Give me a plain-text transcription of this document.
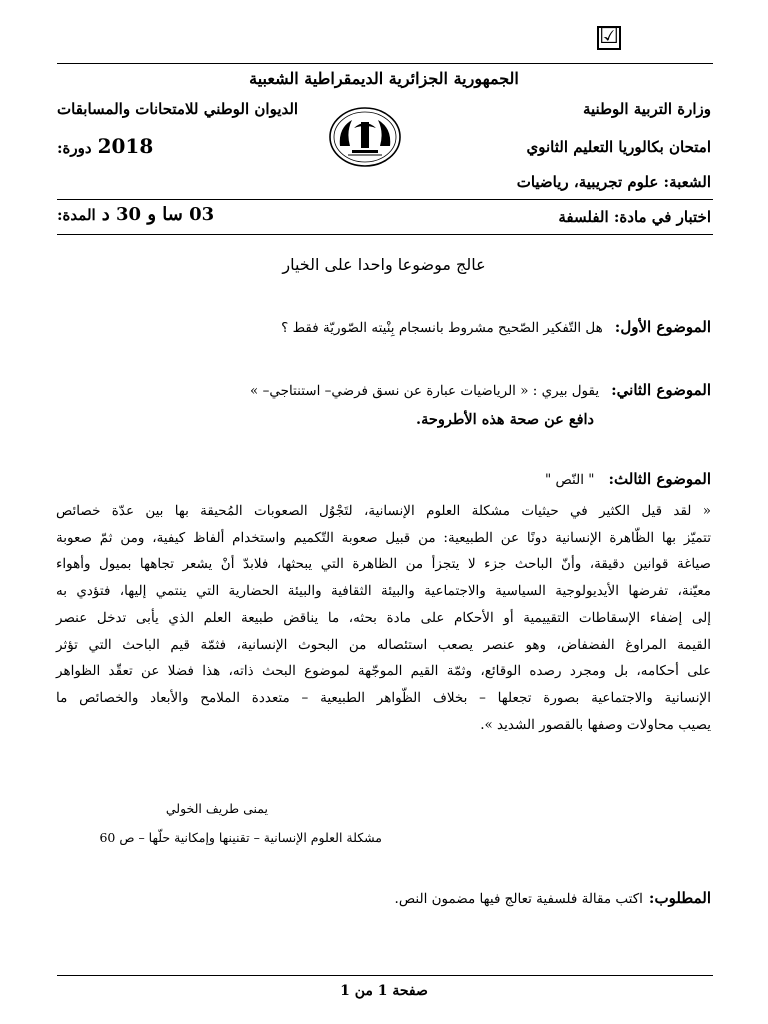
☑
الجمهورية الجزائرية الديمقراطية الشعبية
وزارة التربية الوطنية
الديوان الوطني للامتحانات والمسابقات
امتحان بكالوريا التعليم الثانوي
دورة: 2018
الشعبة: علوم تجريبية، رياضيات
اختبار في مادة: الفلسفة
المدة: 03 سا و 30 د
عالج موضوعا واحدا على الخيار
الموضوع الأول:
هل التّفكير الصّحيح مشروط بانسجام بِنْيته الصّوريّة فقط ؟
الموضوع الثاني:
يقول بيري : « الرياضيات عبارة عن نسق فرضي– استنتاجي– »
دافع عن صحة هذه الأطروحة.
الموضوع الثالث:
" النّص "
« لقد قيل الكثير في حيثيات مشكلة العلوم الإنسانية، لتَجْوُل الصعوبات المُحيقة بها بين عدّة خصائص
تتميّز بها الظّاهرة الإنسانية دونًا عن الطبيعية: من قبيل صعوبة التّكميم واستخدام ألفاظ كيفية، ومن ثمّ صعوبة
صياغة قوانين دقيقة، وأنّ الباحث جزء لا يتجزأ من الظاهرة التي يبحثها، فلابدّ أنْ يشعر تجاهها بميول وأهواء
معيّنة، تفرضها الأيديولوجية السياسية والاجتماعية والبيئة الثقافية والبيئة الحضارية التي ينتمي إليها، فتؤدي به
إلى إضفاء الإسقاطات التقييمية أو الأحكام على مادة بحثه، ما يناقض طبيعة العلم الذي يأبى تدخل عنصر
القيمة المراوغ الفضفاض، وهو عنصر يصعب استئصاله من البحوث الإنسانية، فثمّة قيم الباحث التي تؤثر
على أحكامه، بل ومجرد رصده الوقائع، وثمّة القيم الموجّهة لموضوع البحث ذاته، هذا فضلا عن تعقّد الظواهر
الإنسانية والاجتماعية بصورة تجعلها – بخلاف الظّواهر الطبيعية – متعددة الملامح والأبعاد والخصائص ما
يصيب محاولات وصفها بالقصور الشديد ».
يمنى طريف الخولي
مشكلة العلوم الإنسانية – تقنينها وإمكانية حلّها – ص 60
المطلوب:
اكتب مقالة فلسفية تعالج فيها مضمون النص.
صفحة 1 من 1
